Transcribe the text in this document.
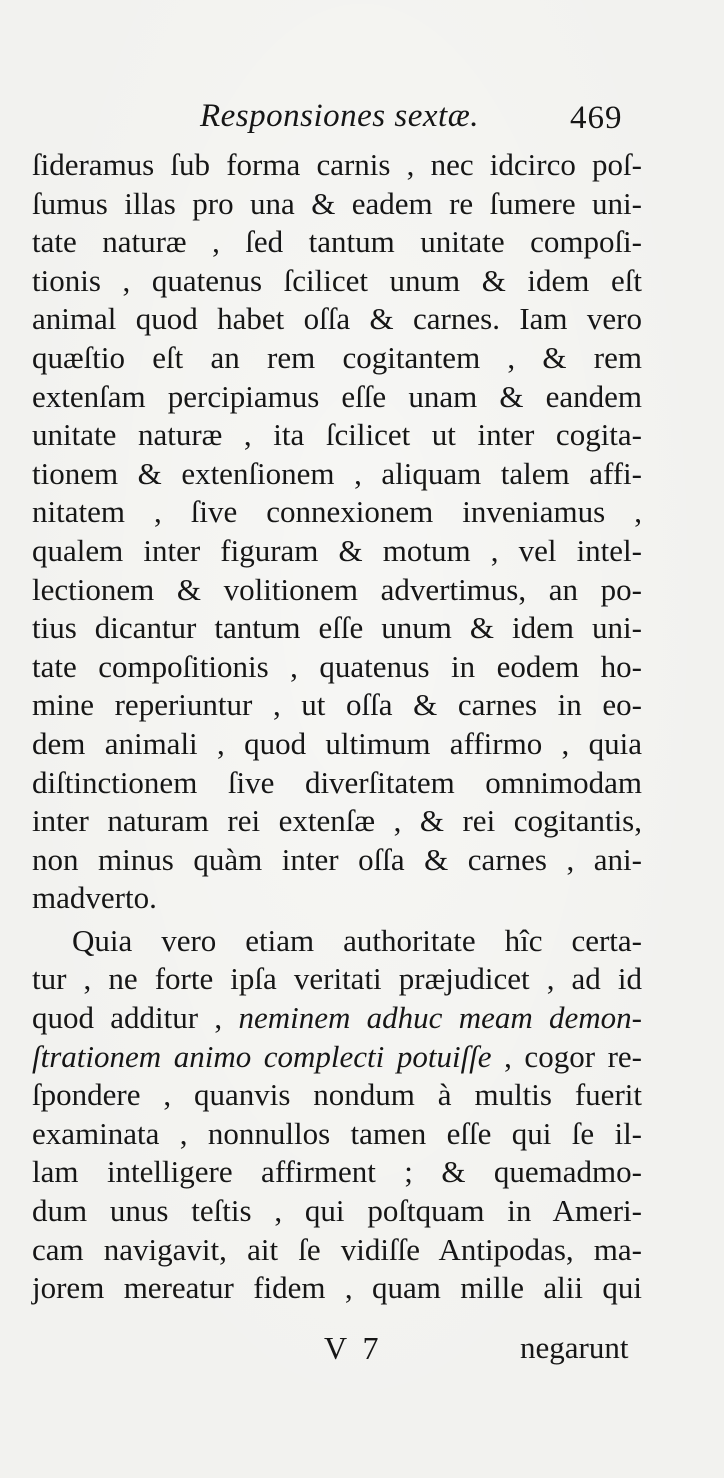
Responsiones sextæ.	469
ſideramus ſub forma carnis , nec idcirco poſ-
ſumus illas pro una & eadem re ſumere uni-
tate naturæ , ſed tantum unitate compoſi-
tionis , quatenus ſcilicet unum & idem eſt
animal quod habet oſſa & carnes. Iam vero
quæſtio eſt an rem cogitantem , & rem
extenſam percipiamus eſſe unam & eandem
unitate naturæ , ita ſcilicet ut inter cogita-
tionem & extenſionem , aliquam talem affi-
nitatem , ſive connexionem inveniamus ,
qualem inter figuram & motum , vel intel-
lectionem & volitionem advertimus, an po-
tius dicantur tantum eſſe unum & idem uni-
tate compoſitionis , quatenus in eodem ho-
mine reperiuntur , ut oſſa & carnes in eo-
dem animali , quod ultimum affirmo , quia
diſtinctionem ſive diverſitatem omnimodam
inter naturam rei extenſæ , & rei cogitantis,
non minus quàm inter oſſa & carnes , ani-
madverto.
Quia vero etiam authoritate hîc certa-
tur , ne forte ipſa veritati præjudicet , ad id
quod additur , neminem adhuc meam demon-
ſtrationem animo complecti potuiſſe , cogor re-
ſpondere , quanvis nondum à multis fuerit
examinata , nonnullos tamen eſſe qui ſe il-
lam intelligere affirment ; & quemadmo-
dum unus teſtis , qui poſtquam in Ameri-
cam navigavit, ait ſe vidiſſe Antipodas, ma-
jorem mereatur fidem , quam mille alii qui
V 7	negarunt
